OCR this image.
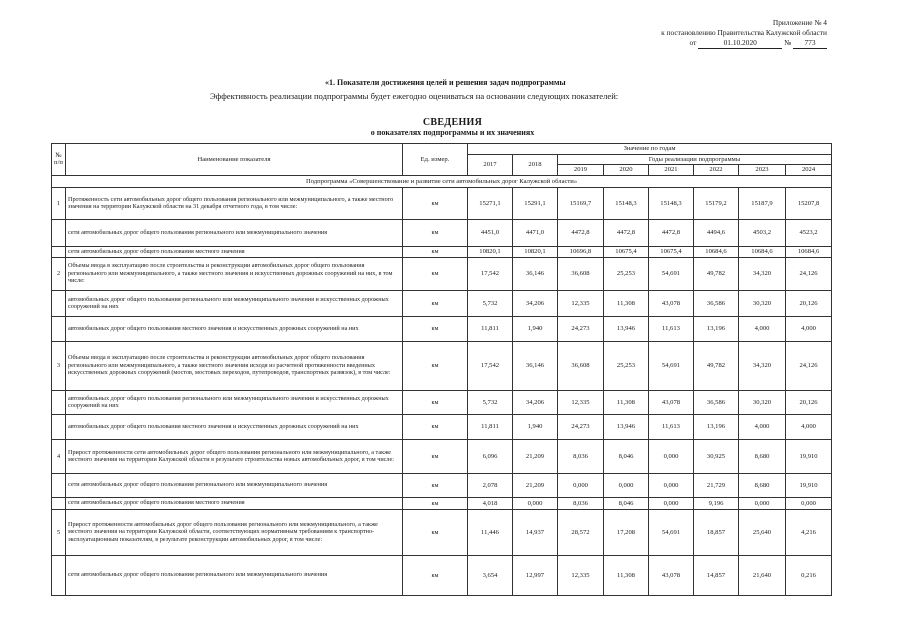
Приложение № 4
к постановлению Правительства Калужской области
от	01.10.2020	№ 773
«1. Показатели достижения целей и решения задач подпрограммы
Эффективность реализации подпрограммы будет ежегодно оцениваться на основании следующих показателей:
СВЕДЕНИЯ
о показателях подпрограммы и их значениях
№ п/п	Наименование показателя	Ед. измер.	Значение по годам							
			2017	2018	Годы реализации подпрограммы					
					2019	2020	2021	2022	2023	2024
Подпрограмма «Совершенствование и развитие сети автомобильных дорог Калужской области»										
1	Протяженность сети автомобильных дорог общего пользования регионального или межмуниципального, а также местного значения на территории Калужской области на 31 декабря отчетного года, в том числе:	км	15271,1	15291,1	15169,7	15148,3	15148,3	15179,2	15187,9	15207,8
	сети автомобильных дорог общего пользования регионального или межмуниципального значения	км	4451,0	4471,0	4472,8	4472,8	4472,8	4494,6	4503,2	4523,2
	сети автомобильных дорог общего пользования местного значения	км	10820,1	10820,1	10696,8	10675,4	10675,4	10684,6	10684,6	10684,6
2	Объемы ввода в эксплуатацию после строительства и реконструкции автомобильных дорог общего пользования регионального или межмуниципального, а также местного значения и искусственных дорожных сооружений на них, в том числе:	км	17,542	36,146	36,608	25,253	54,691	49,782	34,320	24,126
	автомобильных дорог общего пользования регионального или межмуниципального значения и искусственных дорожных сооружений на них	км	5,732	34,206	12,335	11,308	43,078	36,586	30,320	20,126
	автомобильных дорог общего пользования местного значения и искусственных дорожных сооружений на них	км	11,811	1,940	24,273	13,946	11,613	13,196	4,000	4,000
3	Объемы ввода в эксплуатацию после строительства и реконструкции автомобильных дорог общего пользования регионального или межмуниципального, а также местного значения исходя из расчетной протяженности введенных искусственных дорожных сооружений (мостов, мостовых переходов, путепроводов, транспортных развязок), в том числе:	км	17,542	36,146	36,608	25,253	54,691	49,782	34,320	24,126
	автомобильных дорог общего пользования регионального или межмуниципального значения и искусственных дорожных сооружений на них	км	5,732	34,206	12,335	11,308	43,078	36,586	30,320	20,126
	автомобильных дорог общего пользования местного значения и искусственных дорожных сооружений на них	км	11,811	1,940	24,273	13,946	11,613	13,196	4,000	4,000
4	Прирост протяженности сети автомобильных дорог общего пользования регионального или межмуниципального, а также местного значения на территории Калужской области в результате строительства новых автомобильных дорог, в том числе:	км	6,096	21,209	8,036	8,046	0,000	30,925	8,680	19,910
	сети автомобильных дорог общего пользования регионального или межмуниципального значения	км	2,078	21,209	0,000	0,000	0,000	21,729	8,680	19,910
	сети автомобильных дорог общего пользования местного значения	км	4,018	0,000	8,036	8,046	0,000	9,196	0,000	0,000
5	Прирост протяженности автомобильных дорог общего пользования регионального или межмуниципального, а также местного значения на территории Калужской области, соответствующих нормативным требованиям к транспортно-эксплуатационным показателям, в результате реконструкции автомобильных дорог, в том числе:	км	11,446	14,937	28,572	17,208	54,691	18,857	25,640	4,216
	сети автомобильных дорог общего пользования регионального или межмуниципального значения	км	3,654	12,997	12,335	11,308	43,078	14,857	21,640	0,216
